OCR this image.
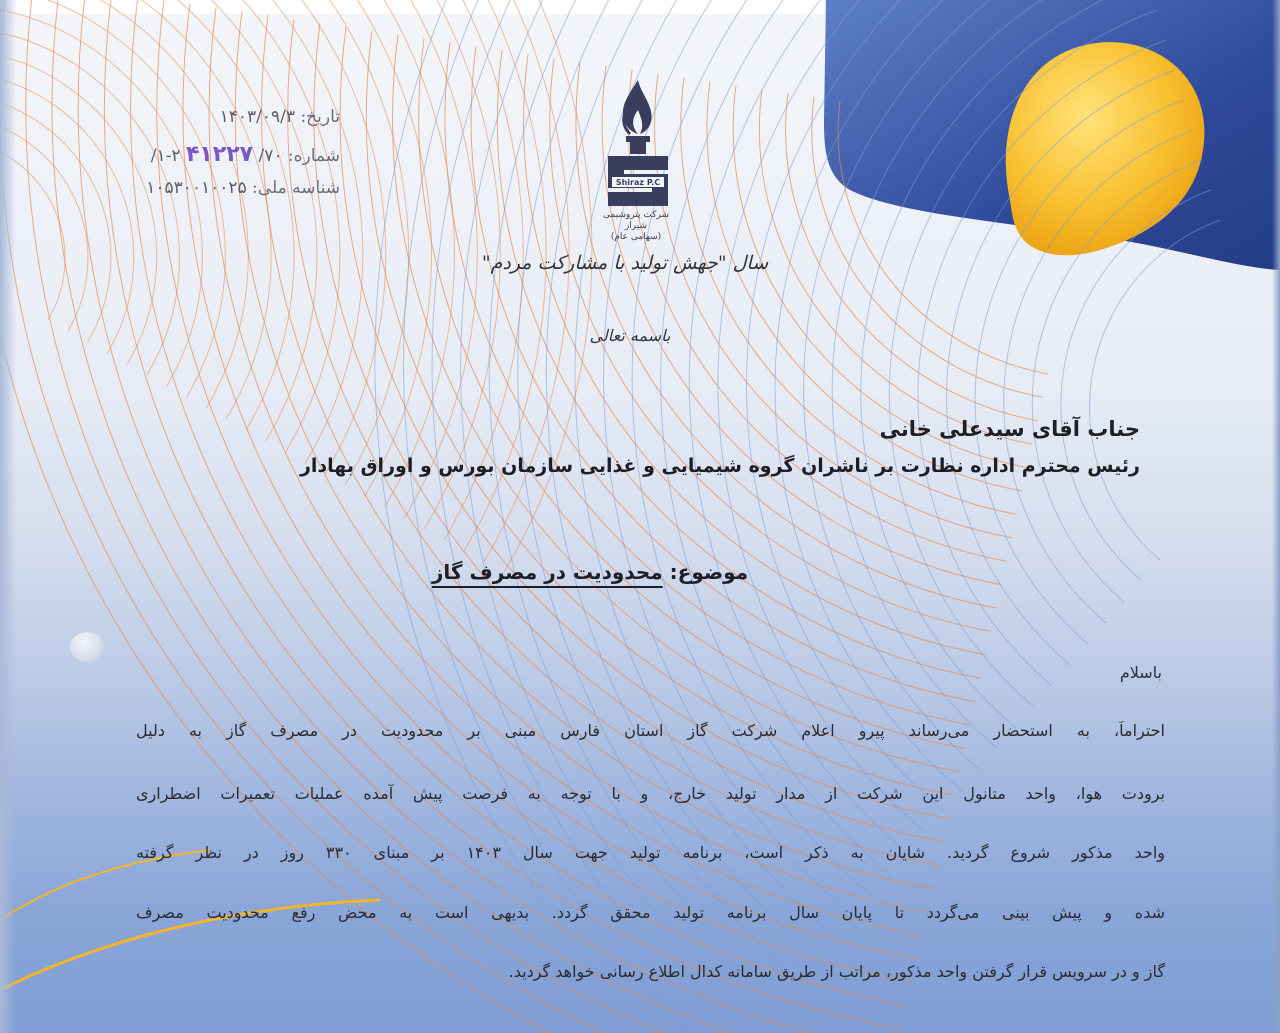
تاریخ: ۱۴۰۳/۰۹/۳
شماره: ۷۰/ ۴۱۲۲۷ ۲-۱/
شناسه ملی: ۱۰۵۳۰۰۱۰۰۲۵	Shiraz P.C
شرکت پتروشیمی شیراز
(سهامی عام)
سال "جهش تولید با مشارکت مردم"
باسمه تعالی
جناب آقای سیدعلی خانی
رئیس محترم اداره نظارت بر ناشران گروه شیمیایی و غذایی سازمان بورس و اوراق بهادار
موضوع: محدودیت در مصرف گاز
باسلام
احتراماً، به استحضار می‌رساند پیرو اعلام شرکت گاز استان فارس مبنی بر محدودیت در مصرف گاز به دلیل
برودت هوا، واحد متانول این شرکت از مدار تولید خارج، و با توجه به فرصت پیش آمده عملیات تعمیرات اضطراری
واحد مذکور شروع گردید. شایان به ذکر است، برنامه تولید جهت سال ۱۴۰۳ بر مبنای ۳۳۰ روز در نظر گرفته
شده و پیش بینی می‌گردد تا پایان سال برنامه تولید محقق گردد. بدیهی است به محض رفع محدودیت مصرف
گاز و در سرویس قرار گرفتن واحد مذکور، مراتب از طریق سامانه کدال اطلاع رسانی خواهد گردید.
